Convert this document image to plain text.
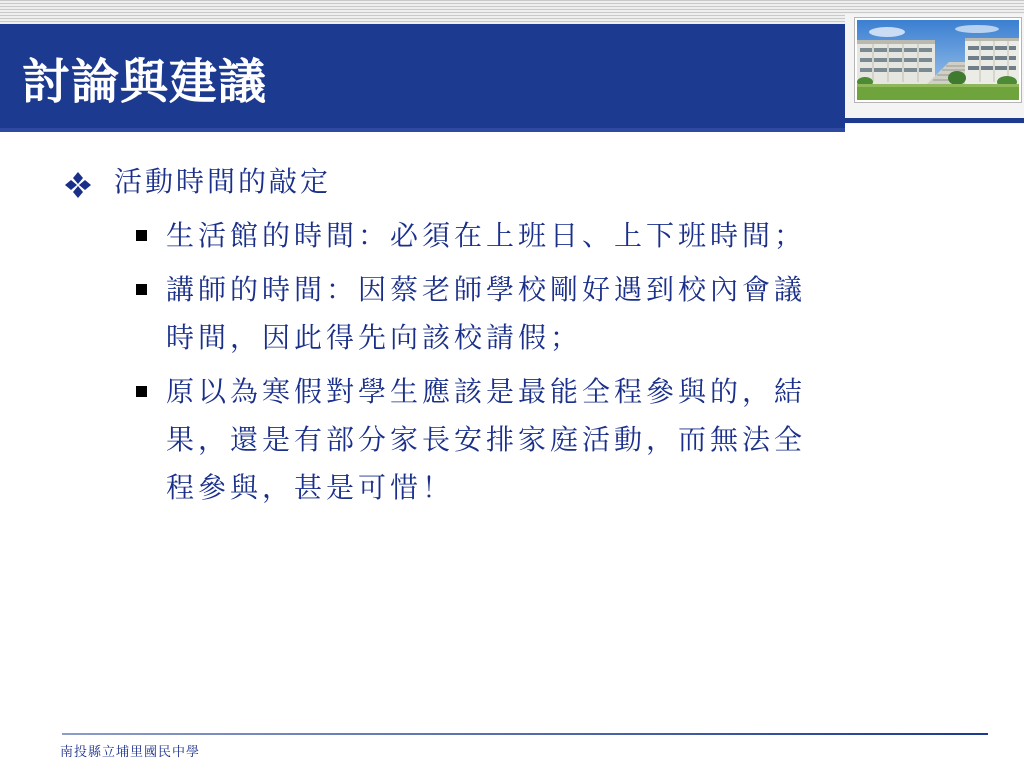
討論與建議
活動時間的敲定
生活館的時間：必須在上班日、上下班時間；
講師的時間：因蔡老師學校剛好遇到校內會議
時間，因此得先向該校請假；
原以為寒假對學生應該是最能全程參與的，結
果，還是有部分家長安排家庭活動，而無法全
程參與，甚是可惜！
南投縣立埔里國民中學
